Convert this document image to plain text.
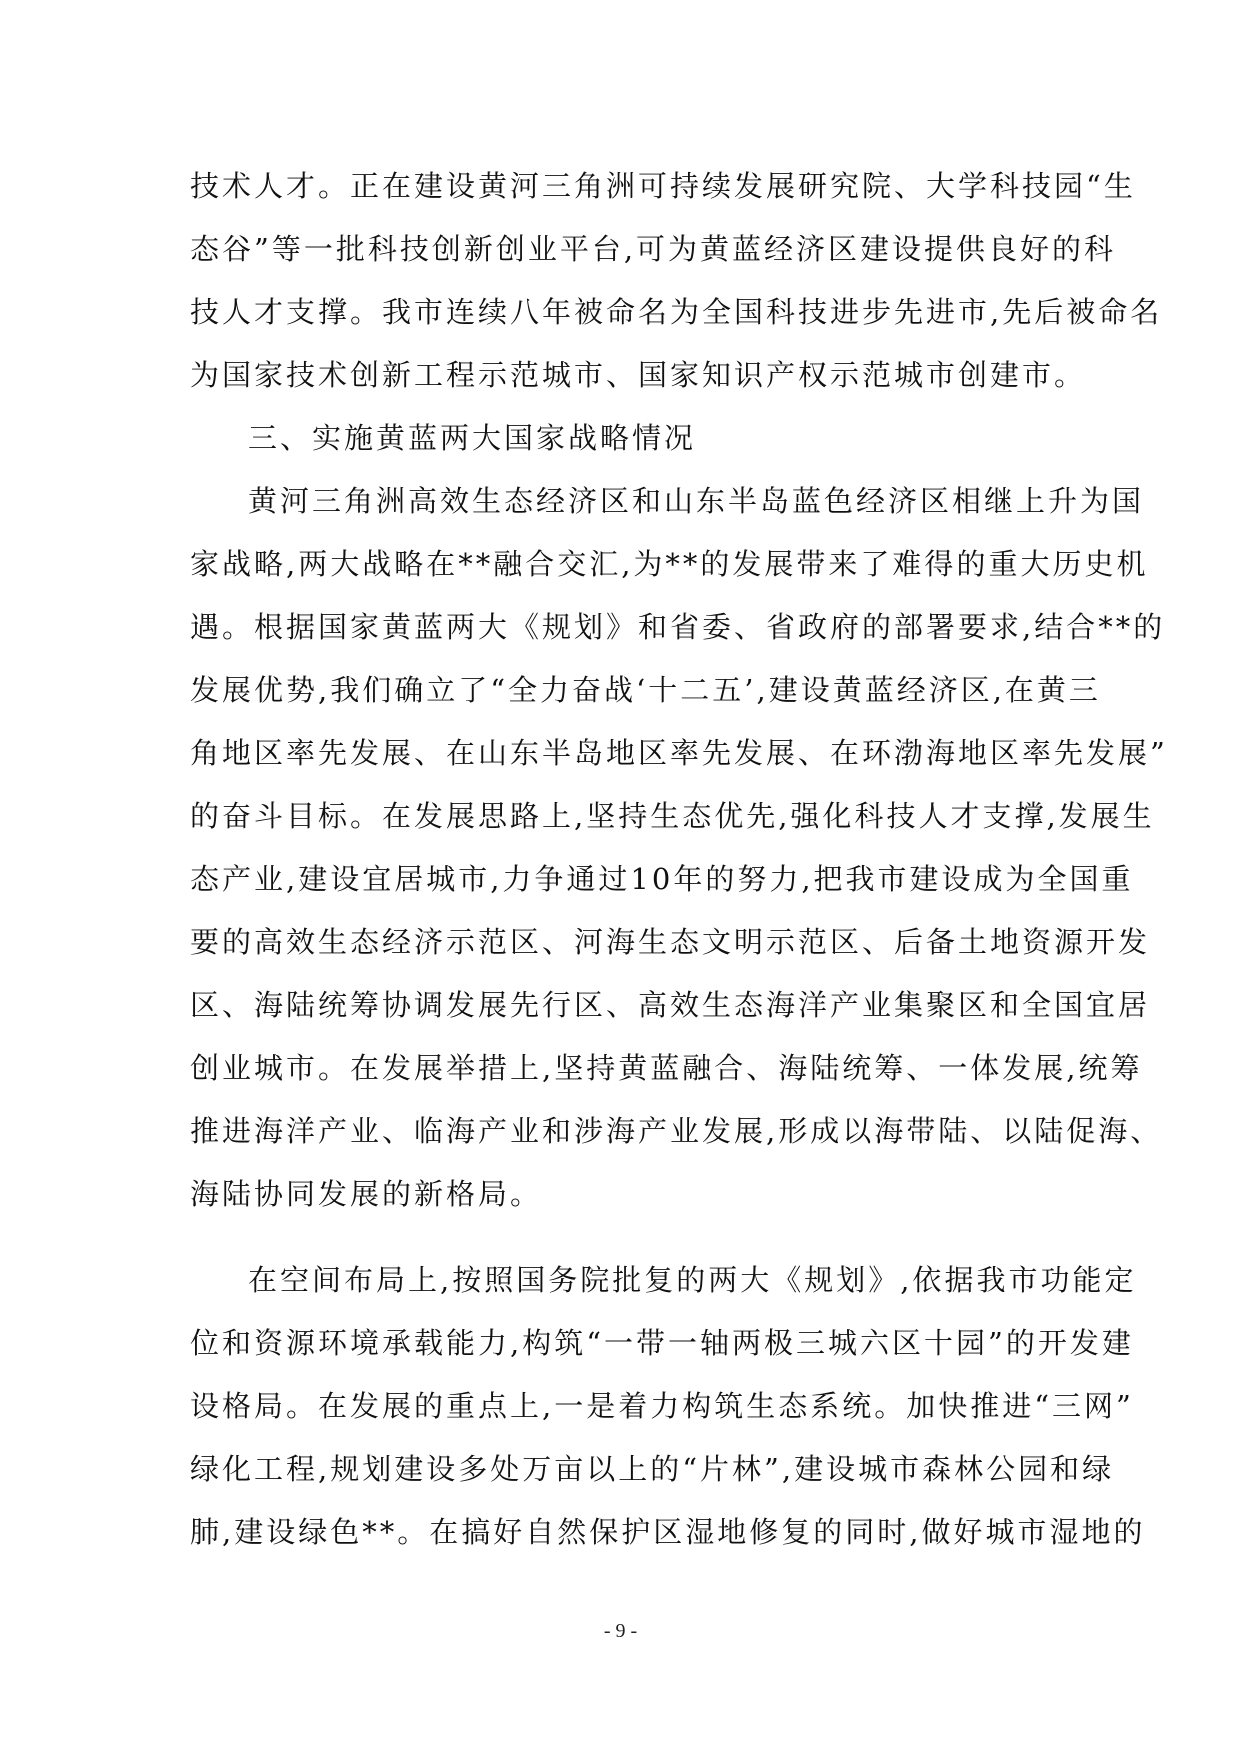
技术人才。正在建设黄河三角洲可持续发展研究院、大学科技园“生
态谷”等一批科技创新创业平台,可为黄蓝经济区建设提供良好的科
技人才支撑。我市连续八年被命名为全国科技进步先进市,先后被命名
为国家技术创新工程示范城市、国家知识产权示范城市创建市。
三、实施黄蓝两大国家战略情况
黄河三角洲高效生态经济区和山东半岛蓝色经济区相继上升为国
家战略,两大战略在**融合交汇,为**的发展带来了难得的重大历史机
遇。根据国家黄蓝两大《规划》和省委、省政府的部署要求,结合**的
发展优势,我们确立了“全力奋战‘十二五’,建设黄蓝经济区,在黄三
角地区率先发展、在山东半岛地区率先发展、在环渤海地区率先发展”
的奋斗目标。在发展思路上,坚持生态优先,强化科技人才支撑,发展生
态产业,建设宜居城市,力争通过10年的努力,把我市建设成为全国重
要的高效生态经济示范区、河海生态文明示范区、后备土地资源开发
区、海陆统筹协调发展先行区、高效生态海洋产业集聚区和全国宜居
创业城市。在发展举措上,坚持黄蓝融合、海陆统筹、一体发展,统筹
推进海洋产业、临海产业和涉海产业发展,形成以海带陆、以陆促海、
海陆协同发展的新格局。
在空间布局上,按照国务院批复的两大《规划》,依据我市功能定
位和资源环境承载能力,构筑“一带一轴两极三城六区十园”的开发建
设格局。在发展的重点上,一是着力构筑生态系统。加快推进“三网”
绿化工程,规划建设多处万亩以上的“片林”,建设城市森林公园和绿
肺,建设绿色**。在搞好自然保护区湿地修复的同时,做好城市湿地的
- 9 -
